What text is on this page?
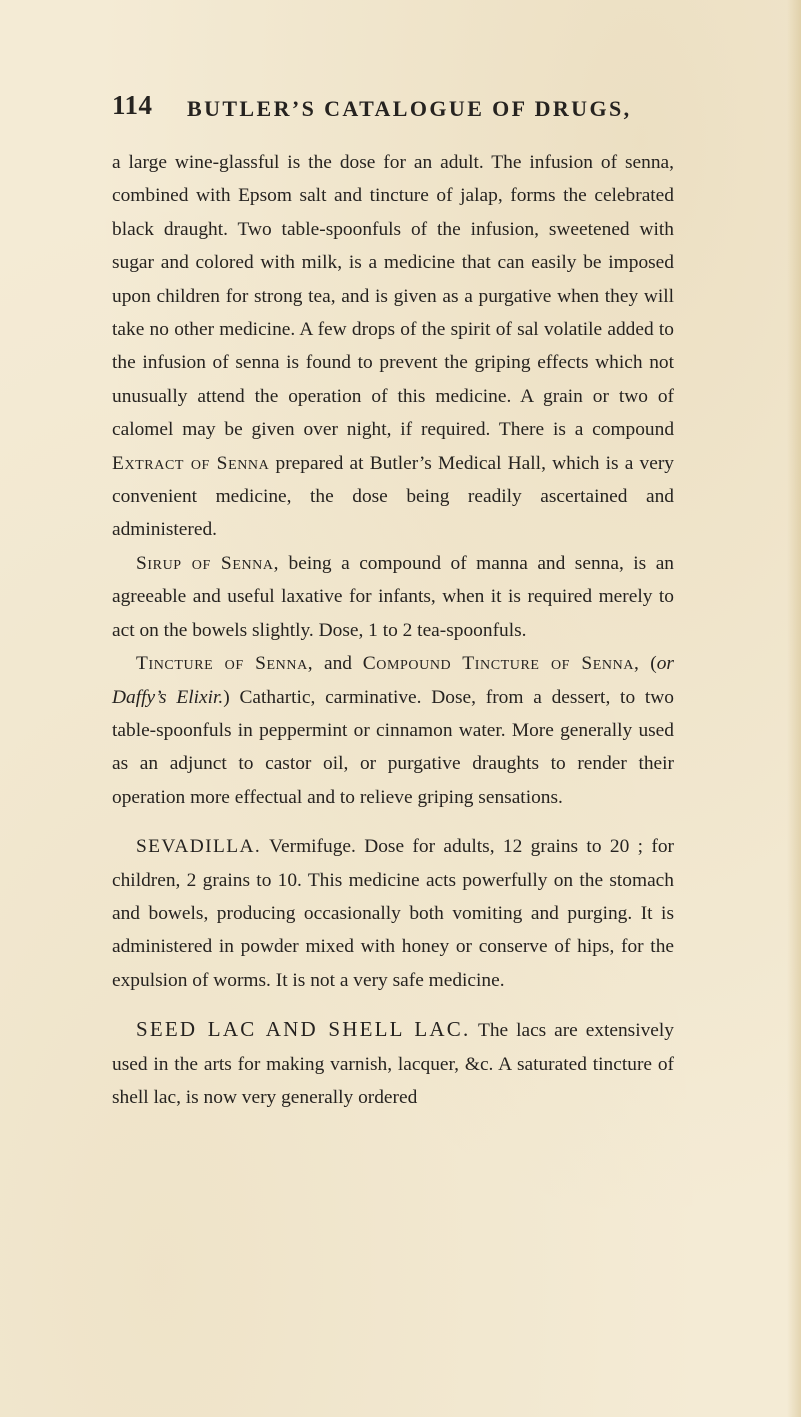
114 BUTLER’S CATALOGUE OF DRUGS,

a large wine-glassful is the dose for an adult. The infusion of senna, combined with Epsom salt and tincture of jalap, forms the celebrated black draught. Two table-spoonfuls of the infusion, sweetened with sugar and colored with milk, is a medicine that can easily be imposed upon children for strong tea, and is given as a purgative when they will take no other medicine. A few drops of the spirit of sal volatile added to the infusion of senna is found to prevent the griping effects which not unusually attend the operation of this medicine. A grain or two of calomel may be given over night, if required. There is a compound Extract of Senna prepared at Butler’s Medical Hall, which is a very convenient medicine, the dose being readily ascertained and administered.

Sirup of Senna, being a compound of manna and senna, is an agreeable and useful laxative for infants, when it is required merely to act on the bowels slightly. Dose, 1 to 2 tea-spoonfuls.

Tincture of Senna, and Compound Tincture of Senna, (or Daffy’s Elixir.) Cathartic, carminative. Dose, from a dessert, to two table-spoonfuls in peppermint or cinnamon water. More generally used as an adjunct to castor oil, or purgative draughts to render their operation more effectual and to relieve griping sensations.

SEVADILLA. Vermifuge. Dose for adults, 12 grains to 20 ; for children, 2 grains to 10. This medicine acts powerfully on the stomach and bowels, producing occasionally both vomiting and purging. It is administered in powder mixed with honey or conserve of hips, for the expulsion of worms. It is not a very safe medicine.

SEED LAC AND SHELL LAC. The lacs are extensively used in the arts for making varnish, lacquer, &c. A saturated tincture of shell lac, is now very generally ordered
